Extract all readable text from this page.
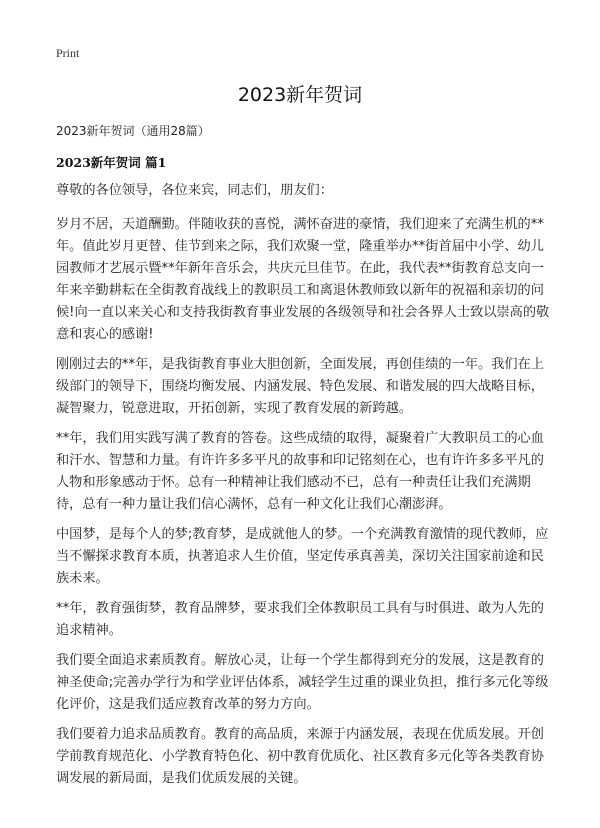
Print
2023新年贺词
2023新年贺词（通用28篇）
2023新年贺词 篇1

尊敬的各位领导，各位来宾，同志们，朋友们：

岁月不居，天道酬勤。伴随收获的喜悦，满怀奋进的豪情，我们迎来了充满生机的**年。值此岁月更替、佳节到来之际，我们欢聚一堂，隆重举办**街首届中小学、幼儿园教师才艺展示暨**年新年音乐会，共庆元旦佳节。在此，我代表**街教育总支向一年来辛勤耕耘在全街教育战线上的教职员工和离退休教师致以新年的祝福和亲切的问候!向一直以来关心和支持我街教育事业发展的各级领导和社会各界人士致以崇高的敬意和衷心的感谢!

刚刚过去的**年，是我街教育事业大胆创新，全面发展，再创佳绩的一年。我们在上级部门的领导下，围绕均衡发展、内涵发展、特色发展、和谐发展的四大战略目标，凝智聚力，锐意进取，开拓创新，实现了教育发展的新跨越。

**年，我们用实践写满了教育的答卷。这些成绩的取得，凝聚着广大教职员工的心血和汗水、智慧和力量。有许许多多平凡的故事和印记铭刻在心，也有许许多多平凡的人物和形象感动于怀。总有一种精神让我们感动不已，总有一种责任让我们充满期待，总有一种力量让我们信心满怀，总有一种文化让我们心潮澎湃。

中国梦，是每个人的梦;教育梦，是成就他人的梦。一个充满教育激情的现代教师，应当不懈探求教育本质，执著追求人生价值，坚定传承真善美，深切关注国家前途和民族未来。

**年，教育强街梦，教育品牌梦，要求我们全体教职员工具有与时俱进、敢为人先的追求精神。

我们要全面追求素质教育。解放心灵，让每一个学生都得到充分的发展，这是教育的神圣使命;完善办学行为和学业评估体系，减轻学生过重的课业负担，推行多元化等级化评价，这是我们适应教育改革的努力方向。

我们要着力追求品质教育。教育的高品质，来源于内涵发展，表现在优质发展。开创学前教育规范化、小学教育特色化、初中教育优质化、社区教育多元化等各类教育协调发展的新局面，是我们优质发展的关键。
